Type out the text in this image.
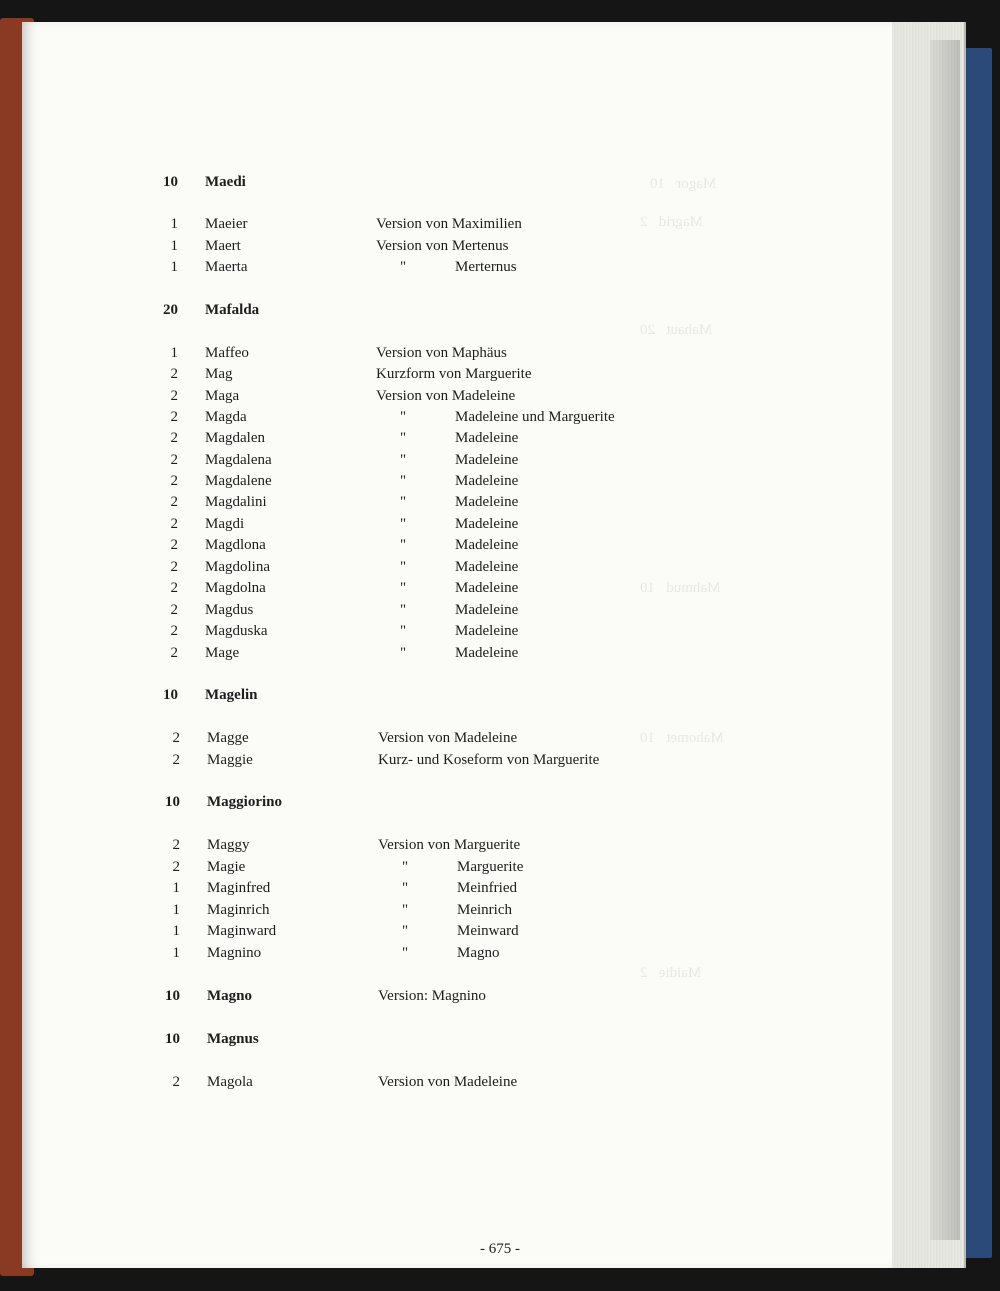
Magor   10
Magrid   2
Mahaut   20
Mahmud   10
Mahomet   10
Maidie   2
10 Maedi
1 Maeier	Version von Maximilien
1 Maert	Version von Mertenus
1 Maerta	"	Merternus
20 Mafalda
1 Maffeo	Version von Maphäus
2 Mag	Kurzform von Marguerite
2 Maga	Version von Madeleine
2 Magda	"	Madeleine und Marguerite
2 Magdalen	"	Madeleine
2 Magdalena	"	Madeleine
2 Magdalene	"	Madeleine
2 Magdalini	"	Madeleine
2 Magdi	"	Madeleine
2 Magdlona	"	Madeleine
2 Magdolina	"	Madeleine
2 Magdolna	"	Madeleine
2 Magdus	"	Madeleine
2 Magduska	"	Madeleine
2 Mage	"	Madeleine
10 Magelin
2 Magge	Version von Madeleine
2 Maggie	Kurz- und Koseform von Marguerite
10 Maggiorino
2 Maggy	Version von Marguerite
2 Magie	"	Marguerite
1 Maginfred	"	Meinfried
1 Maginrich	"	Meinrich
1 Maginward	"	Meinward
1 Magnino	"	Magno
10 Magno	Version: Magnino
10 Magnus
2 Magola	Version von Madeleine
- 675 -
